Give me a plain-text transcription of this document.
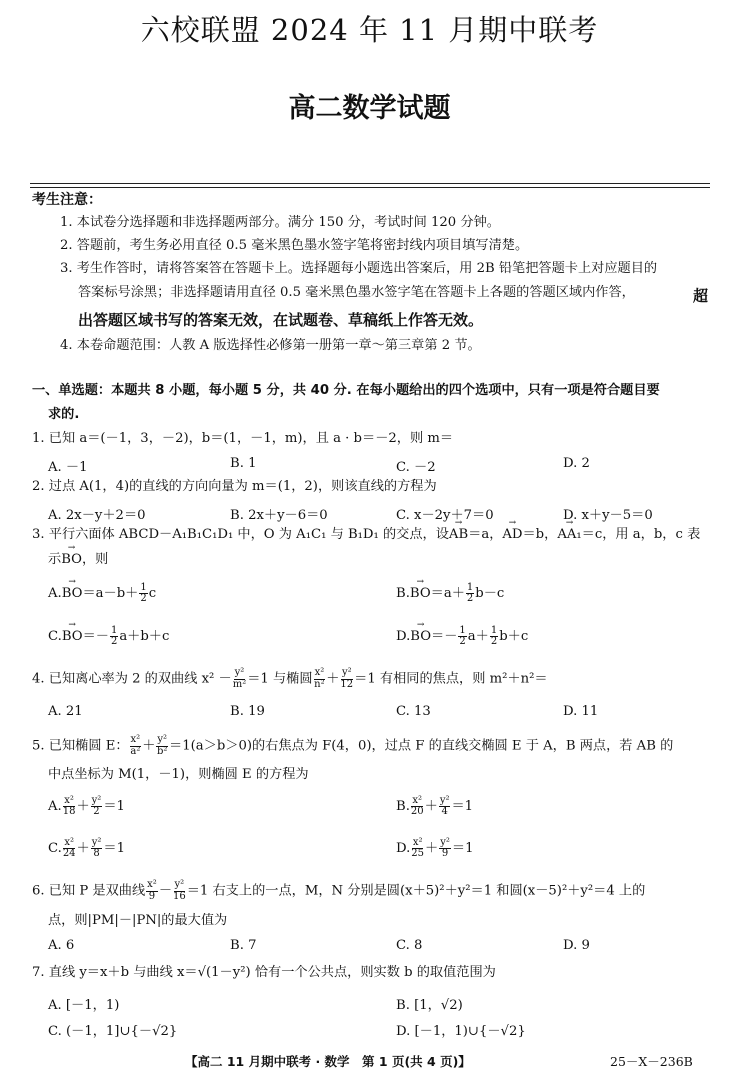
六校联盟 2024 年 11 月期中联考
高二数学试题
考生注意：
1. 本试卷分选择题和非选择题两部分。满分 150 分，考试时间 120 分钟。
2. 答题前，考生务必用直径 0.5 毫米黑色墨水签字笔将密封线内项目填写清楚。
3. 考生作答时，请将答案答在答题卡上。选择题每小题选出答案后，用 2B 铅笔把答题卡上对应题目的
答案标号涂黑；非选择题请用直径 0.5 毫米黑色墨水签字笔在答题卡上各题的答题区域内作答，	超
出答题区域书写的答案无效，在试题卷、草稿纸上作答无效。
4. 本卷命题范围：人教 A 版选择性必修第一册第一章～第三章第 2 节。
一、单选题：本题共 8 小题，每小题 5 分，共 40 分. 在每小题给出的四个选项中，只有一项是符合题目要
求的.
1. 已知 a＝(－1，3，－2)，b＝(1，－1，m)，且 a · b＝－2，则 m＝
A. －1	B. 1	C. －2	D. 2
2. 过点 A(1，4)的直线的方向向量为 m＝(1，2)，则该直线的方程为
A. 2x－y＋2＝0	B. 2x＋y－6＝0	C. x－2y＋7＝0	D. x＋y－5＝0
3. 平行六面体 ABCD－A₁B₁C₁D₁ 中，O 为 A₁C₁ 与 B₁D₁ 的交点，设→ AB＝a，→ AD＝b，→ AA₁＝c，用 a，b，c 表
示→ BO，则
$A.\to BO=a-b+ \frac{1}{2}$ c	$B.\to BO=a+ \frac{1}{2} b-c$
$C.\to BO=- \frac{1}{2} a+b+c$	$D.\to BO=- \frac{1}{2} a+ \frac{1}{2} b+c$
4. 已知离心率为 2 的双曲线 $x^2 - \frac{\text{y²}}{\text{m²}} =1$ 与椭圆 $\frac{\text{x²}}{\text{n²}} + \frac{\text{y²}}{12} =1$ 有相同的焦点，则 m²＋n²＝
A. 21	B. 19	C. 13	D. 11
5. 已知椭圆 E： $\frac{\text{x²}}{\text{a²}} + \frac{\text{y²}}{\text{b²}} =1(a>b>0)$的右焦点为 F(4，0)，过点 F 的直线交椭圆 E 于 A，B 两点，若 AB 的
中点坐标为 M(1，－1)，则椭圆 E 的方程为
A. $\frac{\text{x²}}{18} + \frac{\text{y²}}{2} =1$	B. $\frac{\text{x²}}{20} + \frac{\text{y²}}{4} =1$
C. $\frac{\text{x²}}{24} + \frac{\text{y²}}{8} =1$	D. $\frac{\text{x²}}{25} + \frac{\text{y²}}{9} =1$
6. 已知 P 是双曲线 $\frac{\text{x²}}{9} - \frac{\text{y²}}{16} =1$ 右支上的一点，M，N 分别是圆(x＋5)²＋y²＝1 和圆(x－5)²＋y²＝4 上的
点，则|PM|－|PN|的最大值为
A. 6	B. 7	C. 8	D. 9
7. 直线 y＝x＋b 与曲线 x＝√(1－y²) 恰有一个公共点，则实数 b 的取值范围为
A. [－1，1)	B. [1，√2)
C. (－1，1]∪{－√2}	D. [－1，1)∪{－√2}
【高二 11 月期中联考 · 数学　第 1 页(共 4 页)】	25－X－236B
